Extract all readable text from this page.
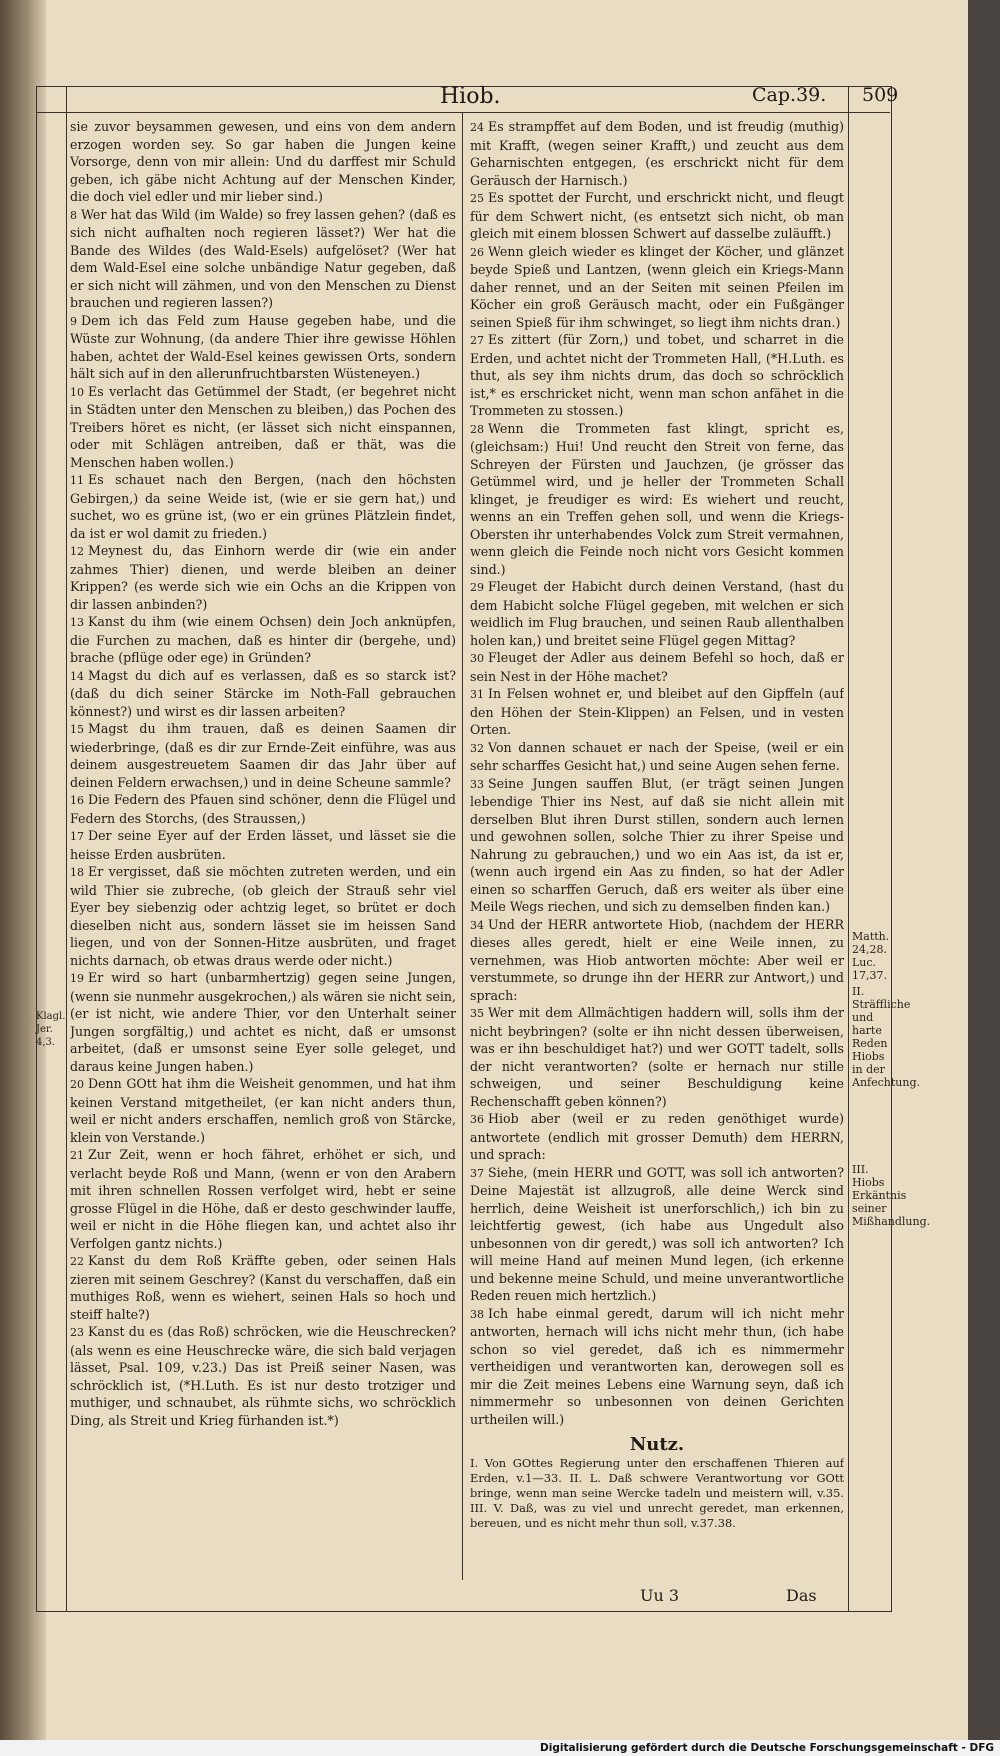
Hiob.	Cap.39. 509
sie zuvor beysammen gewesen, und eins von dem andern erzogen worden sey. So gar haben die Jungen keine Vorsorge, denn von mir allein: Und du darffest mir Schuld geben, ich gäbe nicht Achtung auf der Menschen Kinder, die doch viel edler und mir lieber sind.)
8 Wer hat das Wild (im Walde) so frey lassen gehen? (daß es sich nicht aufhalten noch regieren lässet?) Wer hat die Bande des Wildes (des Wald-Esels) aufgelöset? (Wer hat dem Wald-Esel eine solche unbändige Natur gegeben, daß er sich nicht will zähmen, und von den Menschen zu Dienst brauchen und regieren lassen?)
9 Dem ich das Feld zum Hause gegeben habe, und die Wüste zur Wohnung, (da andere Thier ihre gewisse Höhlen haben, achtet der Wald-Esel keines gewissen Orts, sondern hält sich auf in den allerunfruchtbarsten Wüsteneyen.)
10 Es verlacht das Getümmel der Stadt, (er begehret nicht in Städten unter den Menschen zu bleiben,) das Pochen des Treibers höret es nicht, (er lässet sich nicht einspannen, oder mit Schlägen antreiben, daß er thät, was die Menschen haben wollen.)
11 Es schauet nach den Bergen, (nach den höchsten Gebirgen,) da seine Weide ist, (wie er sie gern hat,) und suchet, wo es grüne ist, (wo er ein grünes Plätzlein findet, da ist er wol damit zu frieden.)
12 Meynest du, das Einhorn werde dir (wie ein ander zahmes Thier) dienen, und werde bleiben an deiner Krippen? (es werde sich wie ein Ochs an die Krippen von dir lassen anbinden?)
13 Kanst du ihm (wie einem Ochsen) dein Joch anknüpfen, die Furchen zu machen, daß es hinter dir (bergehe, und) brache (pflüge oder ege) in Gründen?
14 Magst du dich auf es verlassen, daß es so starck ist? (daß du dich seiner Stärcke im Noth-Fall gebrauchen könnest?) und wirst es dir lassen arbeiten?
15 Magst du ihm trauen, daß es deinen Saamen dir wiederbringe, (daß es dir zur Ernde-Zeit einführe, was aus deinem ausgestreuetem Saamen dir das Jahr über auf deinen Feldern erwachsen,) und in deine Scheune sammle?
16 Die Federn des Pfauen sind schöner, denn die Flügel und Federn des Storchs, (des Straussen,)
17 Der seine Eyer auf der Erden lässet, und lässet sie die heisse Erden ausbrüten.
18 Er vergisset, daß sie möchten zutreten werden, und ein wild Thier sie zubreche, (ob gleich der Strauß sehr viel Eyer bey siebenzig oder achtzig leget, so brütet er doch dieselben nicht aus, sondern lässet sie im heissen Sand liegen, und von der Sonnen-Hitze ausbrüten, und fraget nichts darnach, ob etwas draus werde oder nicht.)
19 Er wird so hart (unbarmhertzig) gegen seine Jungen, (wenn sie nunmehr ausgekrochen,) als wären sie nicht sein, (er ist nicht, wie andere Thier, vor den Unterhalt seiner Jungen sorgfältig,) und achtet es nicht, daß er umsonst arbeitet, (daß er umsonst seine Eyer solle geleget, und daraus keine Jungen haben.)
20 Denn GOtt hat ihm die Weisheit genommen, und hat ihm keinen Verstand mitgetheilet, (er kan nicht anders thun, weil er nicht anders erschaffen, nemlich groß von Stärcke, klein von Verstande.)
21 Zur Zeit, wenn er hoch fähret, erhöhet er sich, und verlacht beyde Roß und Mann, (wenn er von den Arabern mit ihren schnellen Rossen verfolget wird, hebt er seine grosse Flügel in die Höhe, daß er desto geschwinder lauffe, weil er nicht in die Höhe fliegen kan, und achtet also ihr Verfolgen gantz nichts.)
22 Kanst du dem Roß Kräffte geben, oder seinen Hals zieren mit seinem Geschrey? (Kanst du verschaffen, daß ein muthiges Roß, wenn es wiehert, seinen Hals so hoch und steiff halte?)
23 Kanst du es (das Roß) schröcken, wie die Heuschrecken? (als wenn es eine Heuschrecke wäre, die sich bald verjagen lässet, Psal. 109, v.23.) Das ist Preiß seiner Nasen, was schröcklich ist, (*H.Luth. Es ist nur desto trotziger und muthiger, und schnaubet, als rühmte sichs, wo schröcklich Ding, als Streit und Krieg fürhanden ist.*)
24 Es strampffet auf dem Boden, und ist freudig (muthig) mit Krafft, (wegen seiner Krafft,) und zeucht aus dem Geharnischten entgegen, (es erschrickt nicht für dem Geräusch der Harnisch.)
25 Es spottet der Furcht, und erschrickt nicht, und fleugt für dem Schwert nicht, (es entsetzt sich nicht, ob man gleich mit einem blossen Schwert auf dasselbe zuläufft.)
26 Wenn gleich wieder es klinget der Köcher, und glänzet beyde Spieß und Lantzen, (wenn gleich ein Kriegs-Mann daher rennet, und an der Seiten mit seinen Pfeilen im Köcher ein groß Geräusch macht, oder ein Fußgänger seinen Spieß für ihm schwinget, so liegt ihm nichts dran.)
27 Es zittert (für Zorn,) und tobet, und scharret in die Erden, und achtet nicht der Trommeten Hall, (*H.Luth. es thut, als sey ihm nichts drum, das doch so schröcklich ist,* es erschricket nicht, wenn man schon anfähet in die Trommeten zu stossen.)
28 Wenn die Trommeten fast klingt, spricht es, (gleichsam:) Hui! Und reucht den Streit von ferne, das Schreyen der Fürsten und Jauchzen, (je grösser das Getümmel wird, und je heller der Trommeten Schall klinget, je freudiger es wird: Es wiehert und reucht, wenns an ein Treffen gehen soll, und wenn die Kriegs-Obersten ihr unterhabendes Volck zum Streit vermahnen, wenn gleich die Feinde noch nicht vors Gesicht kommen sind.)
29 Fleuget der Habicht durch deinen Verstand, (hast du dem Habicht solche Flügel gegeben, mit welchen er sich weidlich im Flug brauchen, und seinen Raub allenthalben holen kan,) und breitet seine Flügel gegen Mittag?
30 Fleuget der Adler aus deinem Befehl so hoch, daß er sein Nest in der Höhe machet?
31 In Felsen wohnet er, und bleibet auf den Gipffeln (auf den Höhen der Stein-Klippen) an Felsen, und in vesten Orten.
32 Von dannen schauet er nach der Speise, (weil er ein sehr scharffes Gesicht hat,) und seine Augen sehen ferne.
33 Seine Jungen sauffen Blut, (er trägt seinen Jungen lebendige Thier ins Nest, auf daß sie nicht allein mit derselben Blut ihren Durst stillen, sondern auch lernen und gewohnen sollen, solche Thier zu ihrer Speise und Nahrung zu gebrauchen,) und wo ein Aas ist, da ist er, (wenn auch irgend ein Aas zu finden, so hat der Adler einen so scharffen Geruch, daß ers weiter als über eine Meile Wegs riechen, und sich zu demselben finden kan.)
34 Und der HERR antwortete Hiob, (nachdem der HERR dieses alles geredt, hielt er eine Weile innen, zu vernehmen, was Hiob antworten möchte: Aber weil er verstummete, so drunge ihn der HERR zur Antwort,) und sprach:
35 Wer mit dem Allmächtigen haddern will, solls ihm der nicht beybringen? (solte er ihn nicht dessen überweisen, was er ihn beschuldiget hat?) und wer GOTT tadelt, solls der nicht verantworten? (solte er hernach nur stille schweigen, und seiner Beschuldigung keine Rechenschafft geben können?)
36 Hiob aber (weil er zu reden genöthiget wurde) antwortete (endlich mit grosser Demuth) dem HERRN, und sprach:
37 Siehe, (mein HERR und GOTT, was soll ich antworten? Deine Majestät ist allzugroß, alle deine Werck sind herrlich, deine Weisheit ist unerforschlich,) ich bin zu leichtfertig gewest, (ich habe aus Ungedult also unbesonnen von dir geredt,) was soll ich antworten? Ich will meine Hand auf meinen Mund legen, (ich erkenne und bekenne meine Schuld, und meine unverantwortliche Reden reuen mich hertzlich.)
38 Ich habe einmal geredt, darum will ich nicht mehr antworten, hernach will ichs nicht mehr thun, (ich habe schon so viel geredet, daß ich es nimmermehr vertheidigen und verantworten kan, derowegen soll es mir die Zeit meines Lebens eine Warnung seyn, daß ich nimmermehr so unbesonnen von deinen Gerichten urtheilen will.)
Nutz.
I. Von GOttes Regierung unter den erschaffenen Thieren auf Erden, v.1—33. II. L. Daß schwere Verantwortung vor GOtt bringe, wenn man seine Wercke tadeln und meistern will, v.35. III. V. Daß, was zu viel und unrecht geredet, man erkennen, bereuen, und es nicht mehr thun soll, v.37.38.
Klagl. Jer. 4,3.
Matth. 24,28. Luc. 17,37.
II. Sträffliche und harte Reden Hiobs in der Anfechtung.
III. Hiobs Erkäntnis seiner Mißhandlung.
Uu 3	Das
Digitalisierung gefördert durch die Deutsche Forschungsgemeinschaft - DFG
